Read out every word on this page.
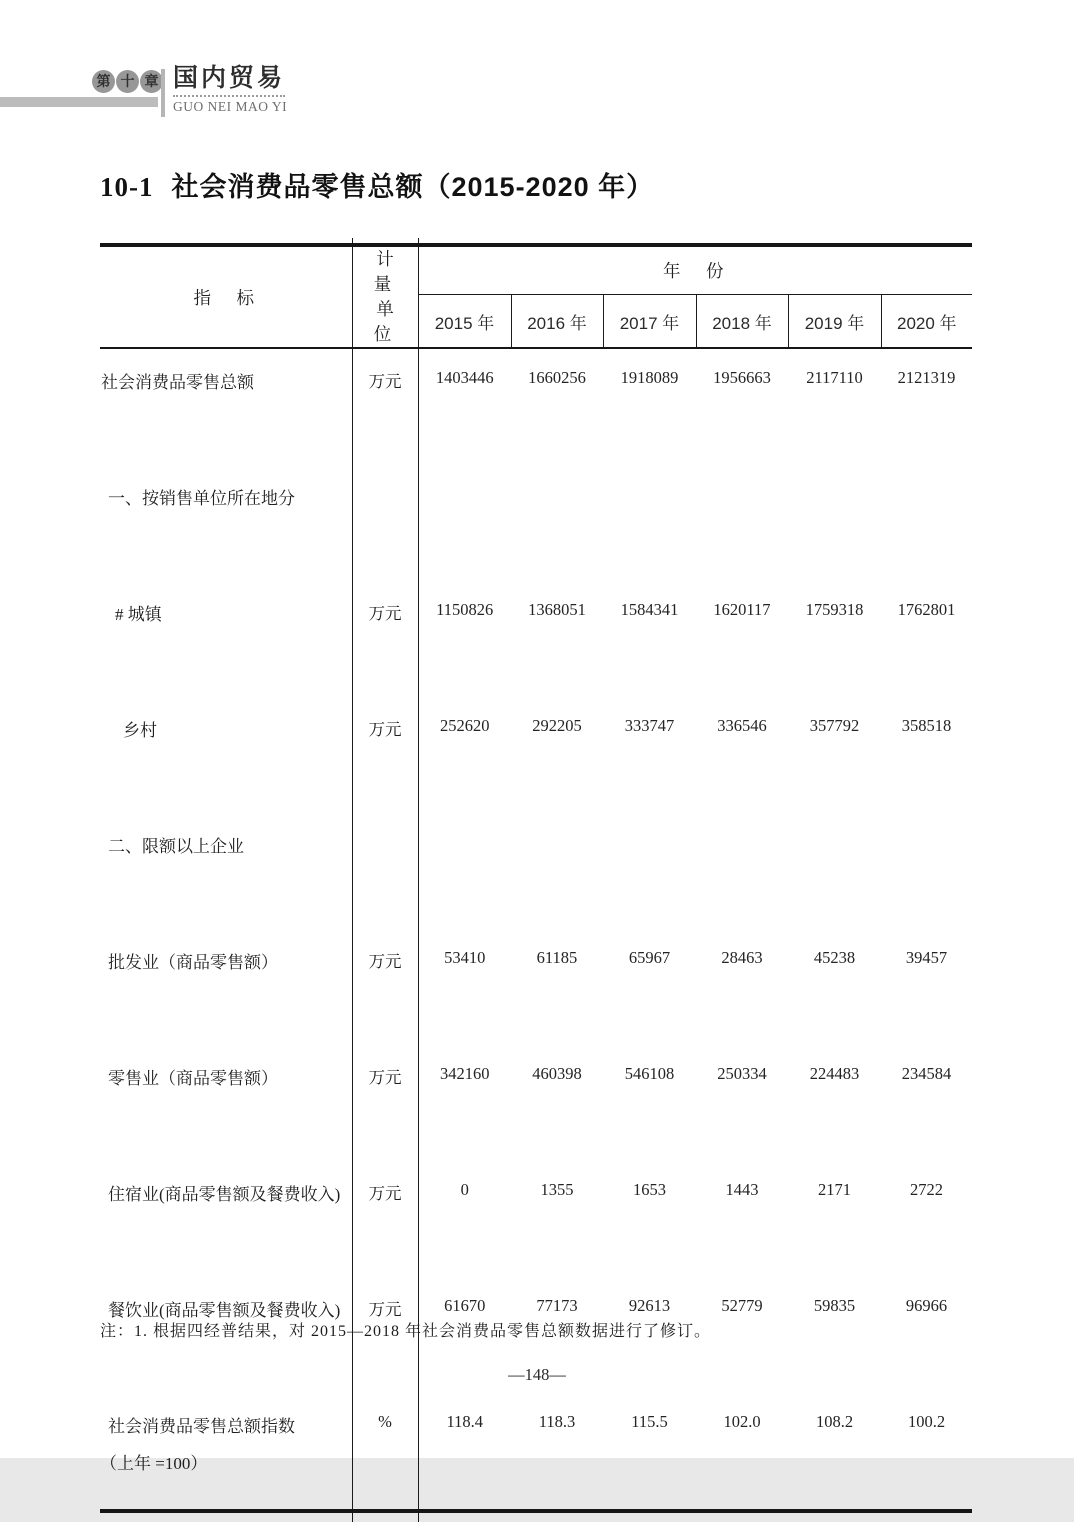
第 十 章 国内贸易
GUO NEI MAO YI
10-1 社会消费品零售总额（2015-2020 年）
指　标	计　量
单　位	年　份					
		2015 年	2016 年	2017 年	2018 年	2019 年	2020 年
社会消费品零售总额	万元	1403446	1660256	1918089	1956663	2117110	2121319
一、按销售单位所在地分							
# 城镇	万元	1150826	1368051	1584341	1620117	1759318	1762801
乡村	万元	252620	292205	333747	336546	357792	358518
二、限额以上企业							
批发业（商品零售额）	万元	53410	61185	65967	28463	45238	39457
零售业（商品零售额）	万元	342160	460398	546108	250334	224483	234584
住宿业(商品零售额及餐费收入)	万元	0	1355	1653	1443	2171	2722
餐饮业(商品零售额及餐费收入)	万元	61670	77173	92613	52779	59835	96966

社会消费品零售总额指数
（上年 =100）	%	118.4	118.3	115.5	102.0	108.2	100.2
注：1. 根据四经普结果，对 2015—2018 年社会消费品零售总额数据进行了修订。
—148—
